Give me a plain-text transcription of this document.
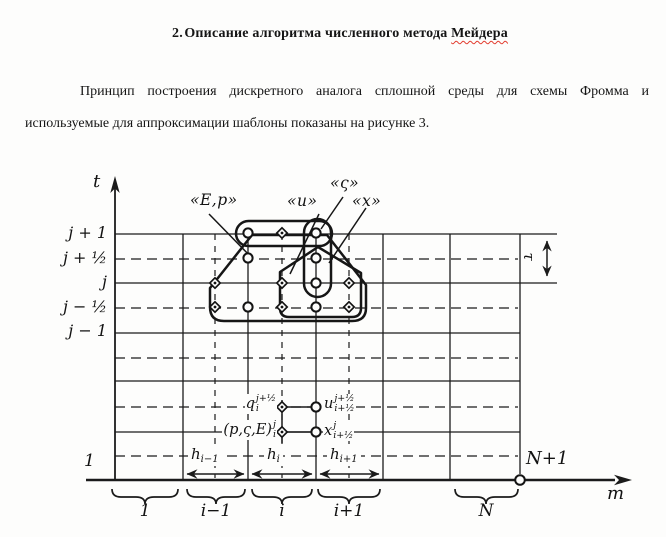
2. Описание алгоритма численного метода Мейдера
Принцип построения дискретного аналога сплошной среды для схемы Фромма и
используемые для аппроксимации шаблоны показаны на рисунке 3.
t
m
τ
1	N+1
j + 1
j + ½
j
j − ½
j − 1
«E,p»	«u»
«ς»
«x»
q j+½
i	u j+½
i+½
(p,ς,E) j
i	x j
i+½
h i−1	h i	h i+1
1	i−1	i	i+1	N
